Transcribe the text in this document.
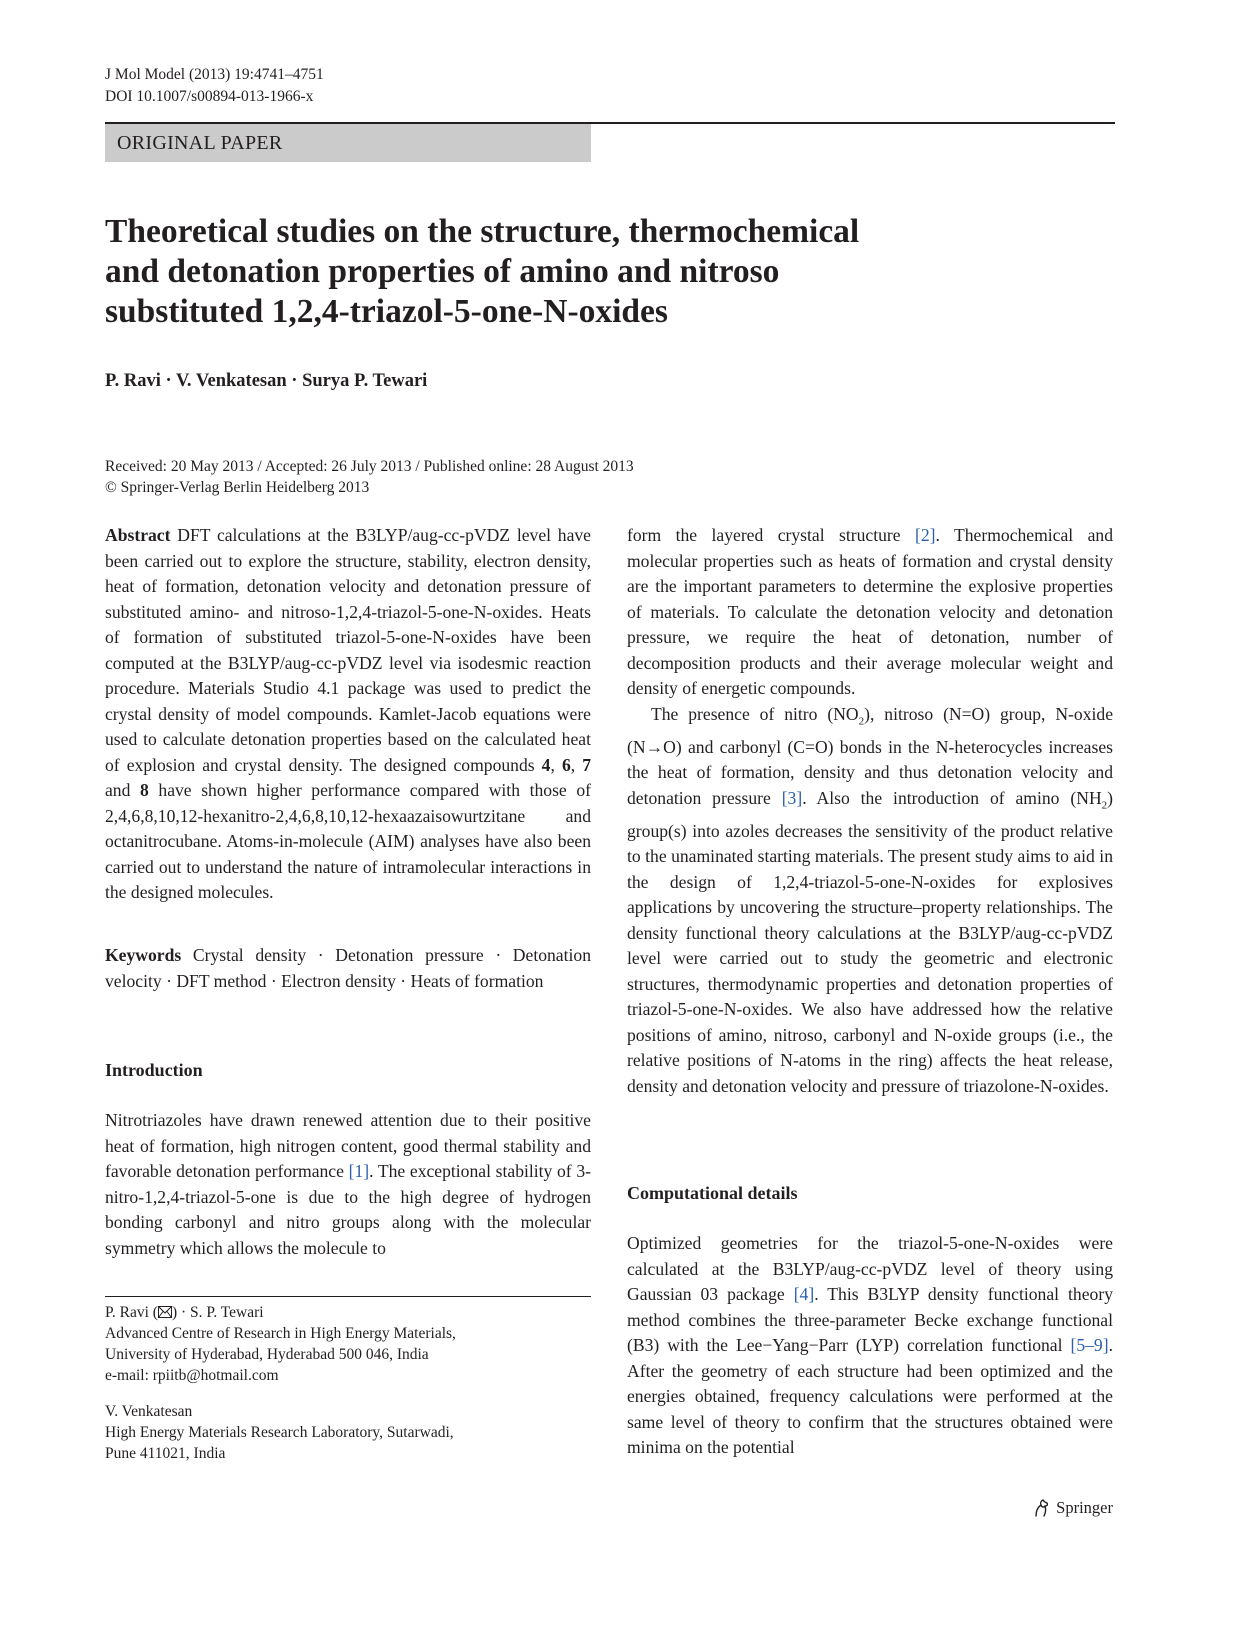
J Mol Model (2013) 19:4741–4751
DOI 10.1007/s00894-013-1966-x
ORIGINAL PAPER
Theoretical studies on the structure, thermochemical
and detonation properties of amino and nitroso
substituted 1,2,4-triazol-5-one-N-oxides
P. Ravi · V. Venkatesan · Surya P. Tewari
Received: 20 May 2013 / Accepted: 26 July 2013 / Published online: 28 August 2013
© Springer-Verlag Berlin Heidelberg 2013

Abstract DFT calculations at the B3LYP/aug-cc-pVDZ level have been carried out to explore the structure, stability, electron density, heat of formation, detonation velocity and detonation pressure of substituted amino- and nitroso-1,2,4-triazol-5-one-N-oxides. Heats of formation of substituted triazol-5-one-N-oxides have been computed at the B3LYP/aug-cc-pVDZ level via isodesmic reaction procedure. Materials Studio 4.1 package was used to predict the crystal density of model compounds. Kamlet-Jacob equations were used to calculate detonation properties based on the calculated heat of explosion and crystal density. The designed compounds 4, 6, 7 and 8 have shown higher performance compared with those of 2,4,6,8,10,12-hexanitro-2,4,6,8,10,12-hexaazaisowurtzitane and octanitrocubane. Atoms-in-molecule (AIM) analyses have also been carried out to understand the nature of intramolecular interactions in the designed molecules.

Keywords Crystal density · Detonation pressure · Detonation velocity · DFT method · Electron density · Heats of formation

Introduction

Nitrotriazoles have drawn renewed attention due to their positive heat of formation, high nitrogen content, good thermal stability and favorable detonation performance [1]. The exceptional stability of 3-nitro-1,2,4-triazol-5-one is due to the high degree of hydrogen bonding carbonyl and nitro groups along with the molecular symmetry which allows the molecule to

P. Ravi ( ) · S. P. Tewari
Advanced Centre of Research in High Energy Materials,
University of Hyderabad, Hyderabad 500 046, India
e-mail: rpiitb@hotmail.com
V. Venkatesan
High Energy Materials Research Laboratory, Sutarwadi,
Pune 411021, India

form the layered crystal structure [2]. Thermochemical and molecular properties such as heats of formation and crystal density are the important parameters to determine the explosive properties of materials. To calculate the detonation velocity and detonation pressure, we require the heat of detonation, number of decomposition products and their average molecular weight and density of energetic compounds.

The presence of nitro $(NO_2)$, nitroso (N=O) group, N-oxide (N→O) and carbonyl (C=O) bonds in the N-heterocycles increases the heat of formation, density and thus detonation velocity and detonation pressure [3]. Also the introduction of amino $(NH_2)$ group(s) into azoles decreases the sensitivity of the product relative to the unaminated starting materials. The present study aims to aid in the design of 1,2,4-triazol-5-one-N-oxides for explosives applications by uncovering the structure–property relationships. The density functional theory calculations at the B3LYP/aug-cc-pVDZ level were carried out to study the geometric and electronic structures, thermodynamic properties and detonation properties of triazol-5-one-N-oxides. We also have addressed how the relative positions of amino, nitroso, carbonyl and N-oxide groups (i.e., the relative positions of N-atoms in the ring) affects the heat release, density and detonation velocity and pressure of triazolone-N-oxides.

Computational details

Optimized geometries for the triazol-5-one-N-oxides were calculated at the B3LYP/aug-cc-pVDZ level of theory using Gaussian 03 package [4]. This B3LYP density functional theory method combines the three-parameter Becke exchange functional (B3) with the Lee−Yang−Parr (LYP) correlation functional [5–9]. After the geometry of each structure had been optimized and the energies obtained, frequency calculations were performed at the same level of theory to confirm that the structures obtained were minima on the potential

Springer
